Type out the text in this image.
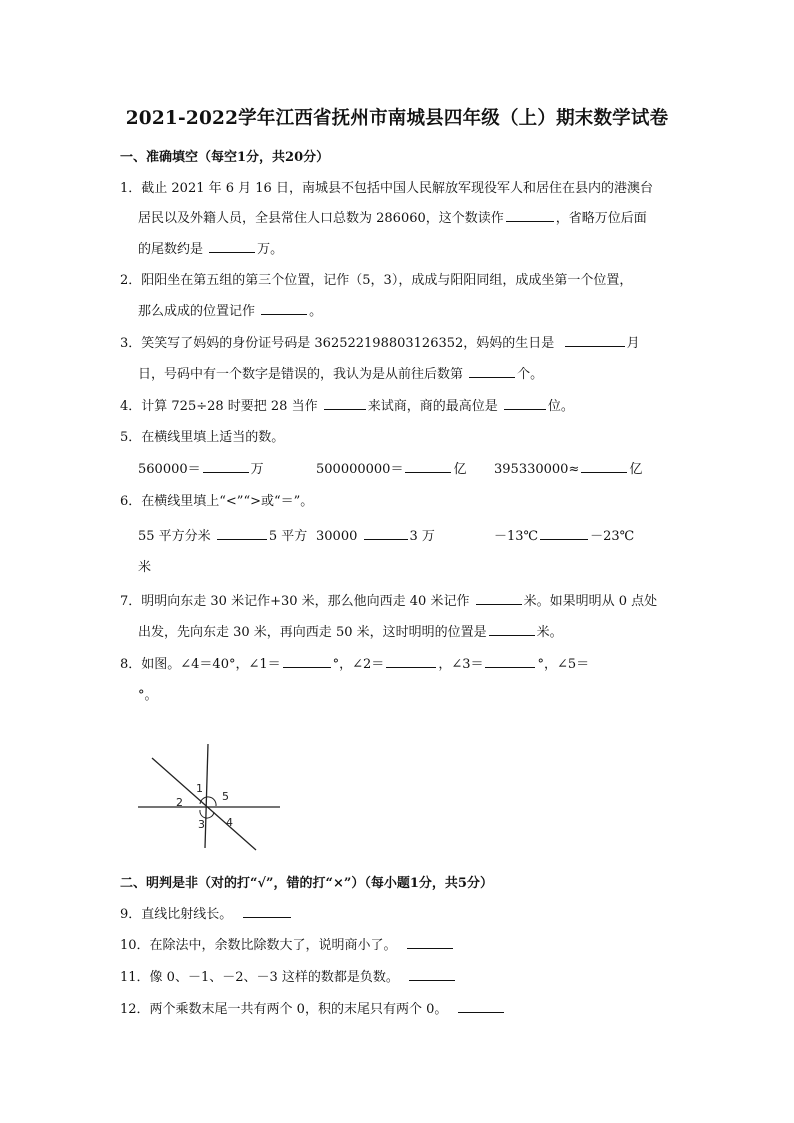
2021-2022学年江西省抚州市南城县四年级（上）期末数学试卷
一、准确填空（每空1分，共20分）
1．截止 2021 年 6 月 16 日，南城县不包括中国人民解放军现役军人和居住在县内的港澳台
居民以及外籍人员，全县常住人口总数为 286060，这个数读作	，省略万位后面
的尾数约是	万。
2．阳阳坐在第五组的第三个位置，记作（5，3），成成与阳阳同组，成成坐第一个位置，
那么成成的位置记作	。
3．笑笑写了妈妈的身份证号码是 362522198803126352，妈妈的生日是	月
日，号码中有一个数字是错误的，我认为是从前往后数第	个。
4．计算 725÷28 时要把 28 当作	来试商，商的最高位是	位。
5．在横线里填上适当的数。
560000＝	万	500000000＝	亿 395330000≈	亿
6．在横线里填上“<”“>或“＝”。
55 平方分米	5 平方 30000	3 万	－13℃	－23℃
米
7．明明向东走 30 米记作+30 米，那么他向西走 40 米记作	米。如果明明从 0 点处
出发，先向东走 30 米，再向西走 50 米，这时明明的位置是	米。
8．如图。∠4＝40°，∠1＝	°，∠2＝	，∠3＝	°，∠5＝
°。
1
2	5
3 4
二、明判是非（对的打“√”，错的打“×”）（每小题1分，共5分）
9．直线比射线长。
10．在除法中，余数比除数大了，说明商小了。
11．像 0、－1、－2、－3 这样的数都是负数。
12．两个乘数末尾一共有两个 0，积的末尾只有两个 0。
